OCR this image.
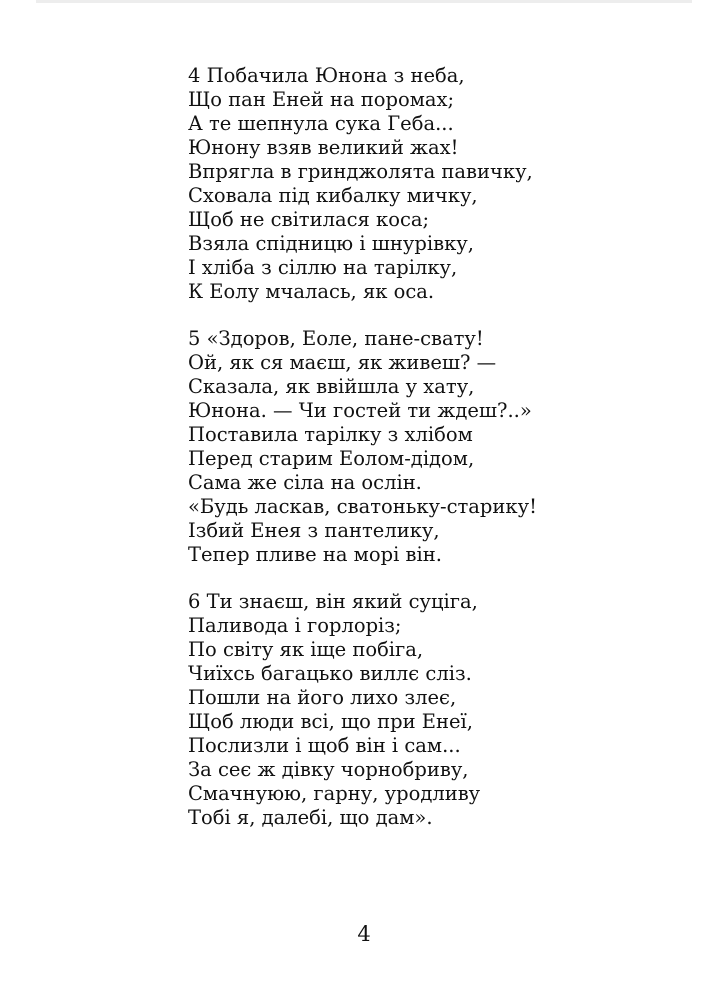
4 Побачила Юнона з неба,
Що пан Еней на поромах;
А те шепнула сука Геба...
Юнону взяв великий жах!
Впрягла в гринджолята павичку,
Сховала під кибалку мичку,
Щоб не світилася коса;
Взяла спідницю і шнурівку,
І хліба з сіллю на тарілку,
К Еолу мчалась, як оса.
5 «Здоров, Еоле, пане-свату!
Ой, як ся маєш, як живеш? —
Сказала, як ввійшла у хату,
Юнона. — Чи гостей ти ждеш?..»
Поставила тарілку з хлібом
Перед старим Еолом-дідом,
Сама же сіла на ослін.
«Будь ласкав, сватоньку-старику!
Ізбий Енея з пантелику,
Тепер пливе на морі він.
6 Ти знаєш, він який суціга,
Паливода і горлоріз;
По світу як іще побіга,
Чиїхсь багацько виллє сліз.
Пошли на його лихо злеє,
Щоб люди всі, що при Енеї,
Послизли і щоб він і сам...
За сеє ж дівку чорнобриву,
Смачнуюю, гарну, уродливу
Тобі я, далебі, що дам».
4
